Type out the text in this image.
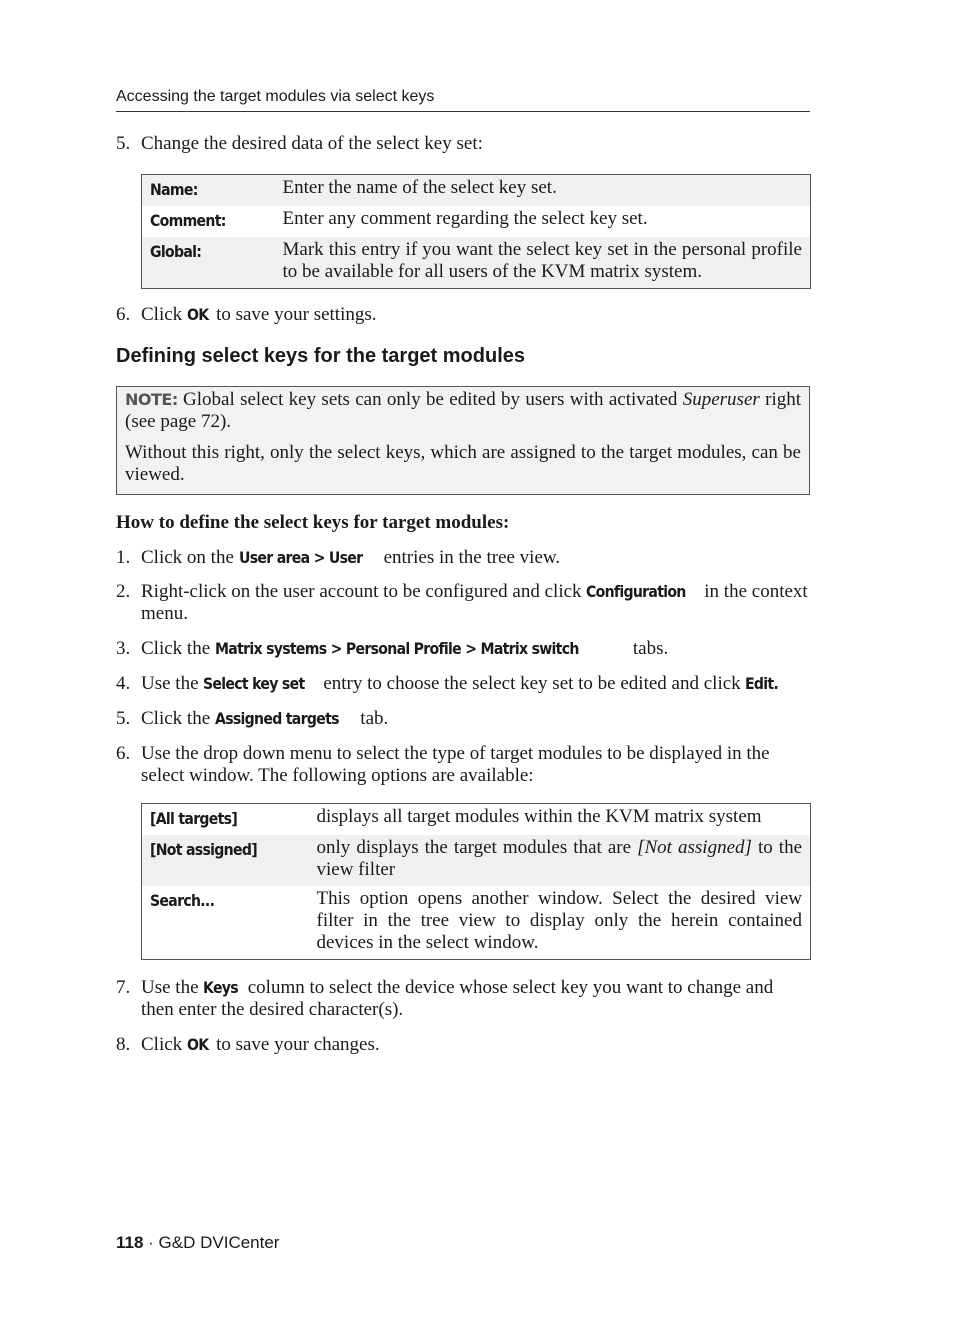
Accessing the target modules via select keys
5. Change the desired data of the select key set:
Name:	Enter the name of the select key set.
Comment:	Enter any comment regarding the select key set.
Global:	Mark this entry if you want the select key set in the personal profile to be available for all users of the KVM matrix system.
6. Click OK to save your settings.
Defining select keys for the target modules

NOTE: Global select key sets can only be edited by users with activated Superuser right (see page 72).

Without this right, only the select keys, which are assigned to the target modules, can be viewed.

How to define the select keys for target modules:
1. Click on the User area > User entries in the tree view.
2. Right-click on the user account to be configured and click Configuration in the context menu.
3. Click the Matrix systems > Personal Profile > Matrix switch	tabs.
4. Use the Select key set entry to choose the select key set to be edited and click Edit.
5. Click the Assigned targets tab.
6. Use the drop down menu to select the type of target modules to be displayed in the select window. The following options are available:
[All targets]	displays all target modules within the KVM matrix system
[Not assigned]	only displays the target modules that are [Not assigned] to the view filter
Search...	This option opens another window. Select the desired view filter in the tree view to display only the herein contained devices in the select window.
7. Use the Keys column to select the device whose select key you want to change and then enter the desired character(s).
8. Click OK to save your changes.
118 · G&D DVICenter
